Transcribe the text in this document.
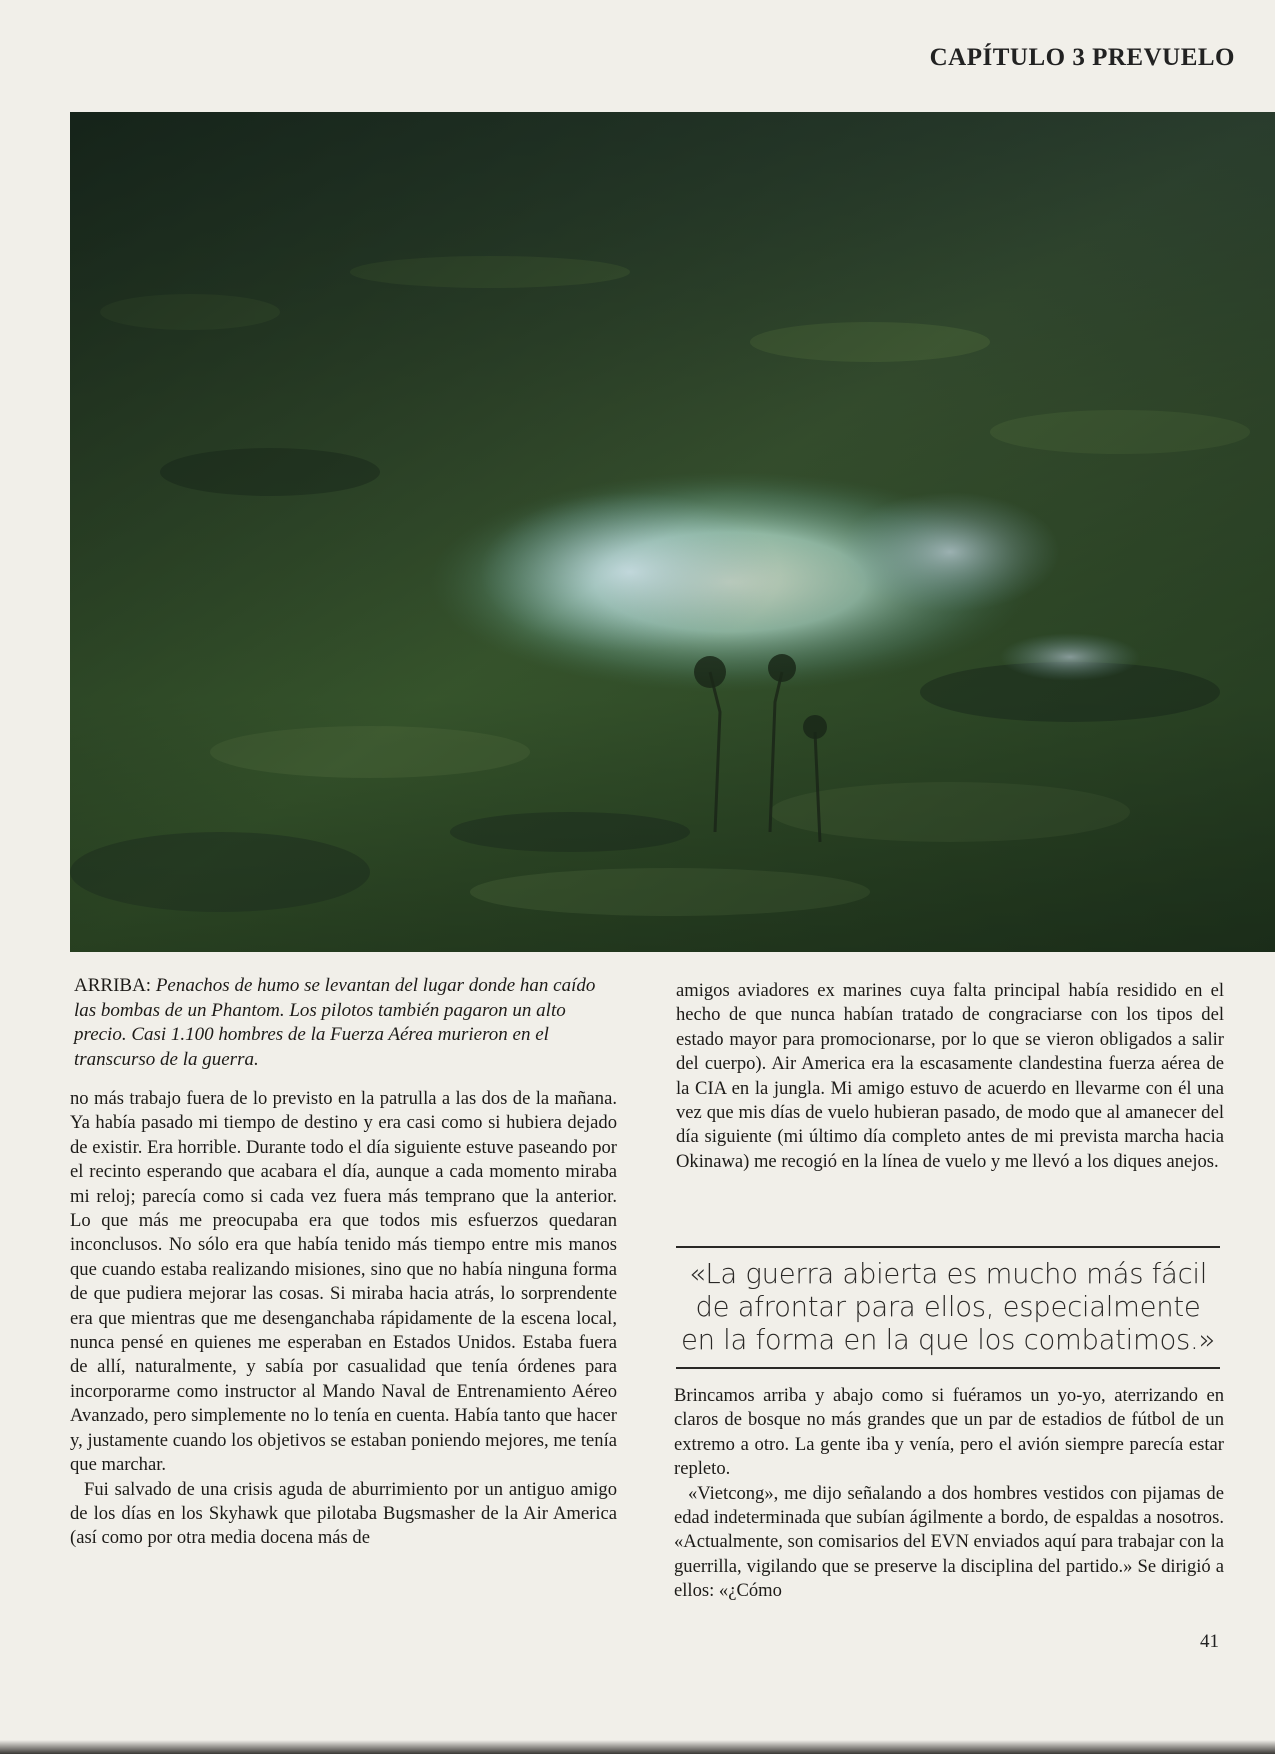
CAPÍTULO 3 PREVUELO
ARRIBA: Penachos de humo se levantan del lugar donde han caído las bombas de un Phantom. Los pilotos también pagaron un alto precio. Casi 1.100 hombres de la Fuerza Aérea murieron en el transcurso de la guerra.

no más trabajo fuera de lo previsto en la patrulla a las dos de la mañana. Ya había pasado mi tiempo de destino y era casi como si hubiera dejado de existir. Era horrible. Durante todo el día siguiente estuve paseando por el recinto esperando que acabara el día, aunque a cada momento miraba mi reloj; parecía como si cada vez fuera más temprano que la anterior. Lo que más me preocupaba era que todos mis esfuerzos quedaran inconclusos. No sólo era que había tenido más tiempo entre mis manos que cuando estaba realizando misiones, sino que no había ninguna forma de que pudiera mejorar las cosas. Si miraba hacia atrás, lo sorprendente era que mientras que me desenganchaba rápidamente de la escena local, nunca pensé en quienes me esperaban en Estados Unidos. Estaba fuera de allí, naturalmente, y sabía por casualidad que tenía órdenes para incorporarme como instructor al Mando Naval de Entrenamiento Aéreo Avanzado, pero simplemente no lo tenía en cuenta. Había tanto que hacer y, justamente cuando los objetivos se estaban poniendo mejores, me tenía que marchar.

Fui salvado de una crisis aguda de aburrimiento por un antiguo amigo de los días en los Skyhawk que pilotaba Bugsmasher de la Air America (así como por otra media docena más de

amigos aviadores ex marines cuya falta principal había residido en el hecho de que nunca habían tratado de congraciarse con los tipos del estado mayor para promocionarse, por lo que se vieron obligados a salir del cuerpo). Air America era la escasamente clandestina fuerza aérea de la CIA en la jungla. Mi amigo estuvo de acuerdo en llevarme con él una vez que mis días de vuelo hubieran pasado, de modo que al amanecer del día siguiente (mi último día completo antes de mi prevista marcha hacia Okinawa) me recogió en la línea de vuelo y me llevó a los diques anejos.

«La guerra abierta es mucho más fácil de afrontar para ellos, especialmente en la forma en la que los combatimos.»

Brincamos arriba y abajo como si fuéramos un yo-yo, aterrizando en claros de bosque no más grandes que un par de estadios de fútbol de un extremo a otro. La gente iba y venía, pero el avión siempre parecía estar repleto.

«Vietcong», me dijo señalando a dos hombres vestidos con pijamas de edad indeterminada que subían ágilmente a bordo, de espaldas a nosotros. «Actualmente, son comisarios del EVN enviados aquí para trabajar con la guerrilla, vigilando que se preserve la disciplina del partido.» Se dirigió a ellos: «¿Cómo

41
